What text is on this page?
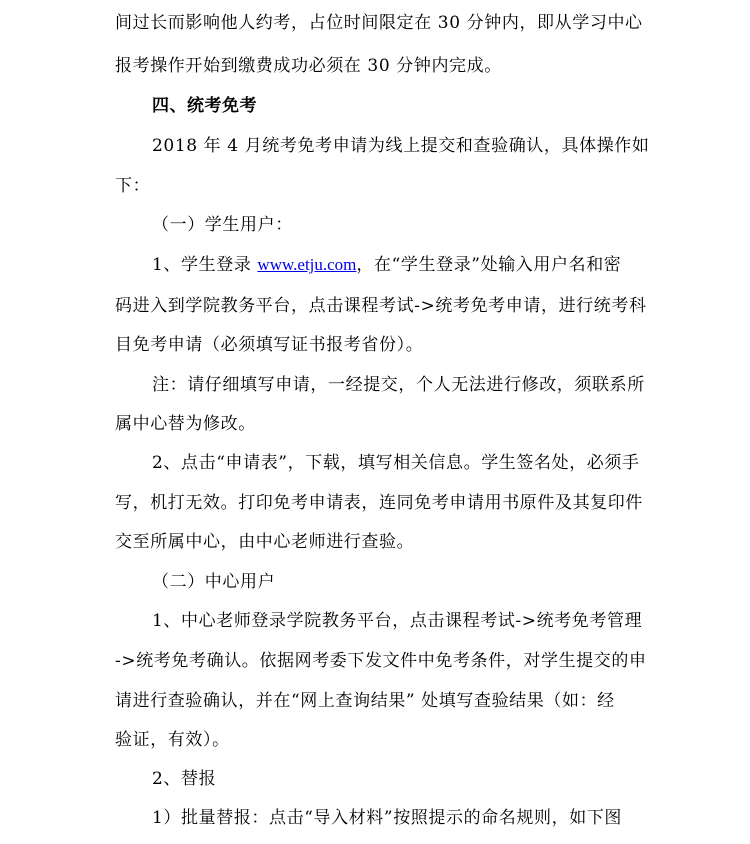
间过长而影响他人约考，占位时间限定在 30 分钟内，即从学习中心
报考操作开始到缴费成功必须在 30 分钟内完成。
四、统考免考
2018 年 4 月统考免考申请为线上提交和查验确认，具体操作如
下：
（一）学生用户：
1、学生登录 www.etju.com，在“学生登录”处输入用户名和密
码进入到学院教务平台，点击课程考试->统考免考申请，进行统考科
目免考申请（必须填写证书报考省份）。
注：请仔细填写申请，一经提交，个人无法进行修改，须联系所
属中心替为修改。
2、点击“申请表”，下载，填写相关信息。学生签名处，必须手
写，机打无效。打印免考申请表，连同免考申请用书原件及其复印件
交至所属中心，由中心老师进行查验。
（二）中心用户
1、中心老师登录学院教务平台，点击课程考试->统考免考管理
->统考免考确认。依据网考委下发文件中免考条件，对学生提交的申
请进行查验确认，并在“网上查询结果” 处填写查验结果（如：经
验证，有效）。
2、替报
1）批量替报：点击“导入材料”按照提示的命名规则，如下图
